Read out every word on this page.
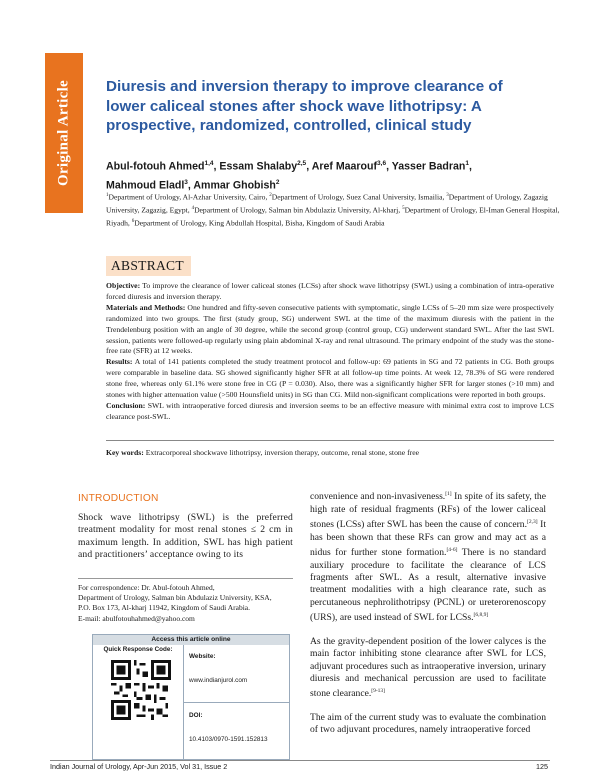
Original Article Diuresis and inversion therapy to improve clearance of lower caliceal stones after shock wave lithotripsy: A prospective, randomized, controlled, clinical study
Abul-fotouh Ahmed$^{1,4}$, Essam Shalaby$^{2,5}$, Aref Maarouf$^{3,6}$, Yasser Badran$^1$,
Mahmoud Eladl$^3$, Ammar Ghobish$^2$
$^1$Department of Urology, Al-Azhar University, Cairo, $^2$Department of Urology, Suez Canal University, Ismailia, $^3$Department of Urology, Zagazig University, Zagazig, Egypt, $^4$Department of Urology, Salman bin Abdulaziz University, Al-kharj, $^5$Department of Urology, El-Iman General Hospital, Riyadh, $^6$Department of Urology, King Abdullah Hospital, Bisha, Kingdom of Saudi Arabia
ABSTRACT

Objective: To improve the clearance of lower caliceal stones (LCSs) after shock wave lithotripsy (SWL) using a combination of intra-operative forced diuresis and inversion therapy.

Materials and Methods: One hundred and fifty-seven consecutive patients with symptomatic, single LCSs of 5–20 mm size were prospectively randomized into two groups. The first (study group, SG) underwent SWL at the time of the maximum diuresis with the patient in the Trendelenburg position with an angle of 30 degree, while the second group (control group, CG) underwent standard SWL. After the last SWL session, patients were followed-up regularly using plain abdominal X-ray and renal ultrasound. The primary endpoint of the study was the stone-free rate (SFR) at 12 weeks.

Results: A total of 141 patients completed the study treatment protocol and follow-up: 69 patients in SG and 72 patients in CG. Both groups were comparable in baseline data. SG showed significantly higher SFR at all follow-up time points. At week 12, 78.3% of SG were rendered stone free, whereas only 61.1% were stone free in CG (P = 0.030). Also, there was a significantly higher SFR for larger stones (>10 mm) and stones with higher attenuation value (>500 Hounsfield units) in SG than CG. Mild non-significant complications were reported in both groups.

Conclusion: SWL with intraoperative forced diuresis and inversion seems to be an effective measure with minimal extra cost to improve LCS clearance post-SWL.

Key words: Extracorporeal shockwave lithotripsy, inversion therapy, outcome, renal stone, stone free
INTRODUCTION

Shock wave lithotripsy (SWL) is the preferred treatment modality for most renal stones ≤ 2 cm in maximum length. In addition, SWL has high patient and practitioners’ acceptance owing to its

For correspondence: Dr. Abul-fotouh Ahmed,

Department of Urology, Salman bin Abdulaziz University, KSA,

P.O. Box 173, Al-kharj 11942, Kingdom of Saudi Arabia.

E-mail: abulfotouhahmed@yahoo.com

Access this article online
Quick Response Code:
Website:
www.indianjurol.com
DOI:
10.4103/0970-1591.152813

convenience and non-invasiveness.[1] In spite of its safety, the high rate of residual fragments (RFs) of the lower caliceal stones (LCSs) after SWL has been the cause of concern.[2,3] It has been shown that these RFs can grow and may act as a nidus for further stone formation.[4-6] There is no standard auxiliary procedure to facilitate the clearance of LCS fragments after SWL. As a result, alternative invasive treatment modalities with a high clearance rate, such as percutaneous nephrolithotripsy (PCNL) or ureterorenoscopy (URS), are used instead of SWL for LCSs.[6,8,9]

As the gravity-dependent position of the lower calyces is the main factor inhibiting stone clearance after SWL for LCS, adjuvant procedures such as intraoperative inversion, urinary diuresis and mechanical percussion are used to facilitate stone clearance.[9-13]

The aim of the current study was to evaluate the combination of two adjuvant procedures, namely intraoperative forced

Indian Journal of Urology, Apr-Jun 2015, Vol 31, Issue 2	125
